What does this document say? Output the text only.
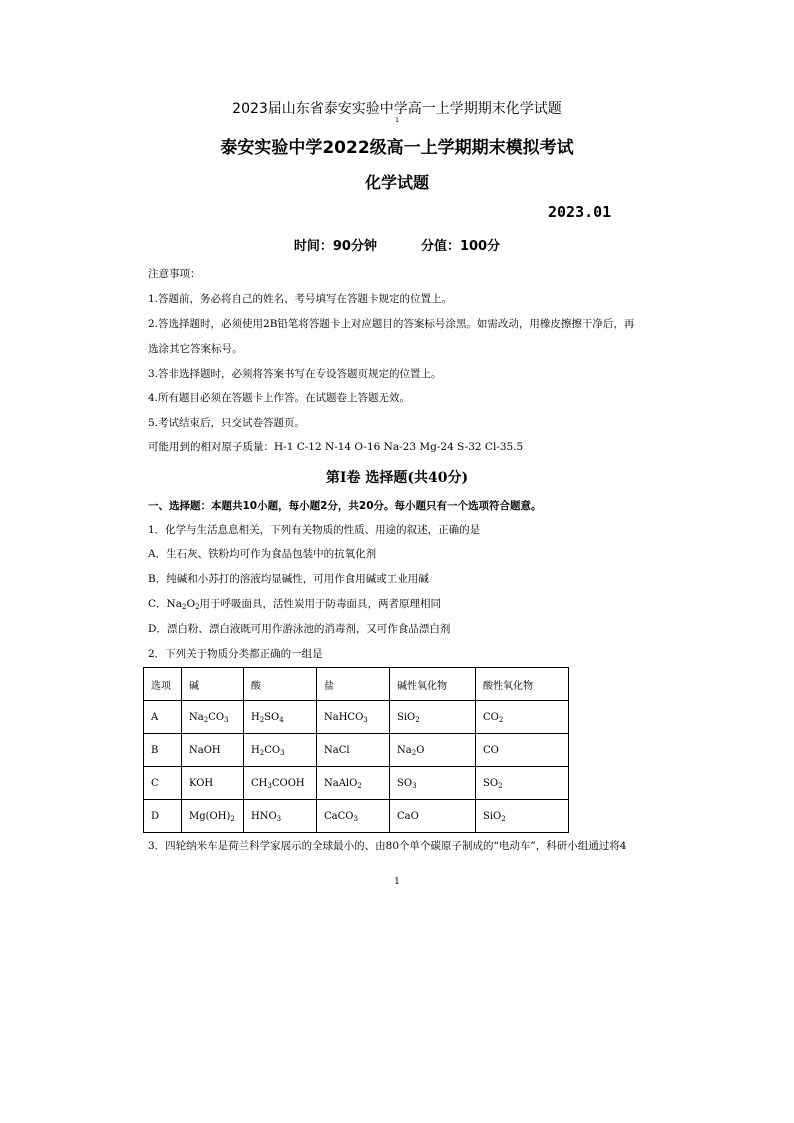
2023届山东省泰安实验中学高一上学期期末化学试题
1
泰安实验中学2022级高一上学期期末模拟考试
化学试题
2023.01
时间：90分钟	分值：100分
注意事项：
1.答题前，务必将自己的姓名、考号填写在答题卡规定的位置上。
2.答选择题时，必须使用2B铅笔将答题卡上对应题目的答案标号涂黑。如需改动，用橡皮擦擦干净后，再
选涂其它答案标号。
3.答非选择题时，必须将答案书写在专设答题页规定的位置上。
4.所有题目必须在答题卡上作答。在试题卷上答题无效。
5.考试结束后，只交试卷答题页。
可能用到的相对原子质量：H-1 C-12 N-14 O-16 Na-23 Mg-24 S-32 Cl-35.5
第Ⅰ卷 选择题(共40分)
一、选择题：本题共10小题，每小题2分，共20分。每小题只有一个选项符合题意。
1．化学与生活息息相关，下列有关物质的性质、用途的叙述，正确的是
A．生石灰、铁粉均可作为食品包装中的抗氧化剂
B．纯碱和小苏打的溶液均显碱性，可用作食用碱或工业用碱
C．$Na_2O_2$用于呼吸面具，活性炭用于防毒面具，两者原理相同
D．漂白粉、漂白液既可用作游泳池的消毒剂，又可作食品漂白剂
2．下列关于物质分类都正确的一组是
选项	碱	酸	盐	碱性氧化物	酸性氧化物
A	$Na_2CO_3$	$H_2SO_4$	NaHCO$_3$	SiO$_2$	$CO_2$
B	NaOH	$H_2CO_3$	NaCl	$Na_2O$	CO
C	KOH	$CH_3COOH$	NaAlO$_2$	$SO_3$	$SO_2$
D	$Mg(OH)_2$	$HNO_3$	CaCO$_3$	CaO	SiO$_2$
3．四轮纳米车是荷兰科学家展示的全球最小的、由80个单个碳原子制成的“电动车”，科研小组通过将4
1
